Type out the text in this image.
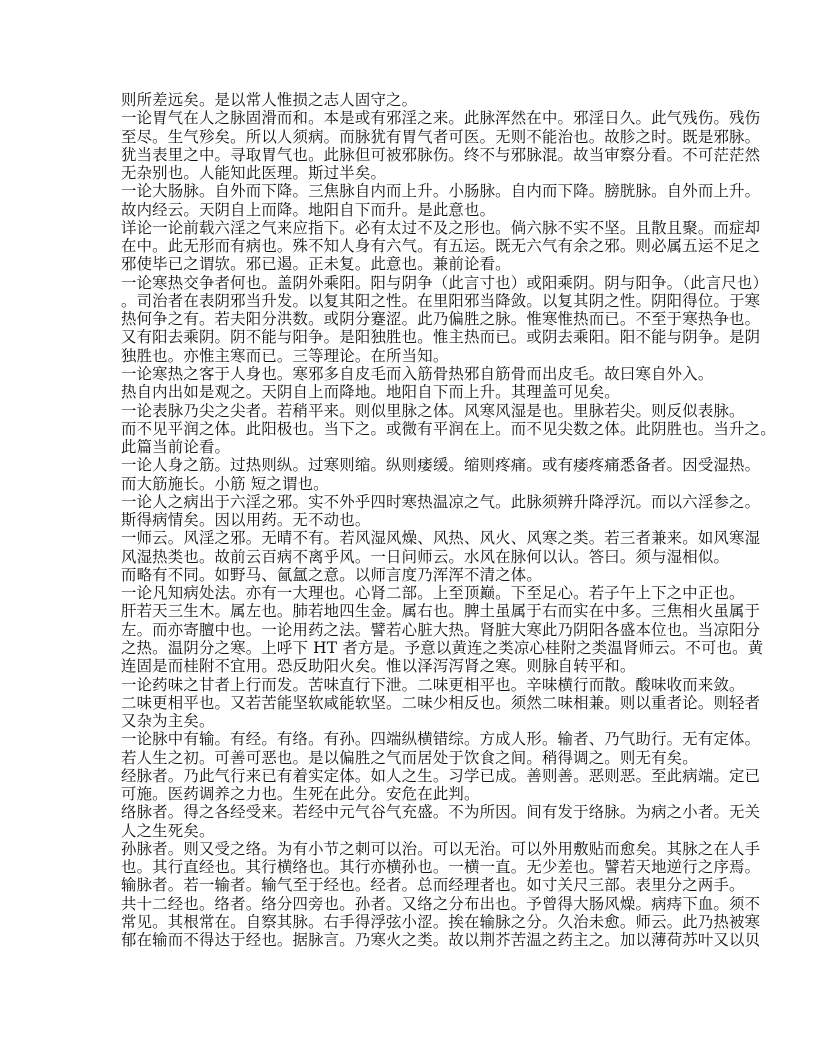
则所差远矣。是以常人惟损之志人固守之。
一论胃气在人之脉固滑而和。本是或有邪淫之来。此脉浑然在中。邪淫日久。此气残伤。残伤
至尽。生气殄矣。所以人须病。而脉犹有胃气者可医。无则不能治也。故胗之时。既是邪脉。
犹当表里之中。寻取胃气也。此脉但可被邪脉伤。终不与邪脉混。故当审察分看。不可茫茫然
无杂别也。人能知此医理。斯过半矣。
一论大肠脉。自外而下降。三焦脉自内而上升。小肠脉。自内而下降。膀胱脉。自外而上升。
故内经云。天阴自上而降。地阳自下而升。是此意也。
详论一论前载六淫之气来应指下。必有太过不及之形也。倘六脉不实不坚。且散且聚。而症却
在中。此无形而有病也。殊不知人身有六气。有五运。既无六气有余之邪。则必属五运不足之
邪使毕已之谓欤。邪已遏。正未复。此意也。兼前论看。
一论寒热交争者何也。盖阴外乘阳。阳与阴争（此言寸也）或阳乘阴。阴与阳争。（此言尺也）
。司治者在表阴邪当升发。以复其阳之性。在里阳邪当降敛。以复其阴之性。阴阳得位。于寒
热何争之有。若夫阳分洪数。或阴分蹇涩。此乃偏胜之脉。惟寒惟热而已。不至于寒热争也。
又有阳去乘阴。阴不能与阳争。是阳独胜也。惟主热而已。或阴去乘阳。阳不能与阴争。是阴
独胜也。亦惟主寒而已。三等理论。在所当知。
一论寒热之客于人身也。寒邪多自皮毛而入筋骨热邪自筋骨而出皮毛。故曰寒自外入。
热自内出如是观之。天阴自上而降地。地阳自下而上升。其理盖可见矣。
一论表脉乃尖之尖者。若稍平来。则似里脉之体。风寒风湿是也。里脉若尖。则反似表脉。
而不见平润之体。此阳极也。当下之。或微有平润在上。而不见尖数之体。此阴胜也。当升之。
此篇当前论看。
一论人身之筋。过热则纵。过寒则缩。纵则痿缓。缩则疼痛。或有痿疼痛悉备者。因受湿热。
而大筋施长。小筋 短之谓也。
一论人之病出于六淫之邪。实不外乎四时寒热温凉之气。此脉须辨升降浮沉。而以六淫参之。
斯得病情矣。因以用药。无不动也。
一师云。风淫之邪。无晴不有。若风湿风燥、风热、风火、风寒之类。若三者兼来。如风寒湿
风湿热类也。故前云百病不离乎风。一日问师云。水风在脉何以认。答曰。须与湿相似。
而略有不同。如野马、氤氲之意。以师言度乃浑浑不清之体。
一论凡知病处法。亦有一大理也。心肾二部。上至顶巅。下至足心。若子午上下之中正也。
肝若天三生木。属左也。肺若地四生金。属右也。脾土虽属于右而实在中多。三焦相火虽属于
左。而亦寄膻中也。一论用药之法。譬若心脏大热。肾脏大寒此乃阴阳各盛本位也。当凉阳分
之热。温阴分之寒。上呼下 HT 者方是。予意以黄连之类凉心桂附之类温肾师云。不可也。黄
连固是而桂附不宜用。恐反助阳火矣。惟以泽泻泻肾之寒。则脉自转平和。
一论药味之甘者上行而发。苦味直行下泄。二味更相平也。辛味横行而散。酸味收而来敛。
二味更相平也。又若苦能坚软咸能软坚。二味少相反也。须然二味相兼。则以重者论。则轻者
又杂为主矣。
一论脉中有输。有经。有络。有孙。四端纵横错综。方成人形。输者、乃气助行。无有定体。
若人生之初。可善可恶也。是以偏胜之气而居处于饮食之间。稍得调之。则无有矣。
经脉者。乃此气行来已有着实定体。如人之生。习学已成。善则善。恶则恶。至此病端。定已
可施。医药调养之力也。生死在此分。安危在此判。
络脉者。得之各经受来。若经中元气谷气充盛。不为所因。间有发于络脉。为病之小者。无关
人之生死矣。
孙脉者。则又受之络。为有小节之刺可以治。可以无治。可以外用敷贴而愈矣。其脉之在人手
也。其行直经也。其行横络也。其行亦横孙也。一横一直。无少差也。譬若天地逆行之序焉。
输脉者。若一输者。输气至于经也。经者。总而经理者也。如寸关尺三部。表里分之两手。
共十二经也。络者。络分四旁也。孙者。又络之分布出也。予曾得大肠风燥。病痔下血。须不
常见。其根常在。自察其脉。右手得浮弦小涩。挨在输脉之分。久治未愈。师云。此乃热被寒
郁在输而不得达于经也。据脉言。乃寒火之类。故以荆芥苦温之药主之。加以薄荷苏叶又以贝
